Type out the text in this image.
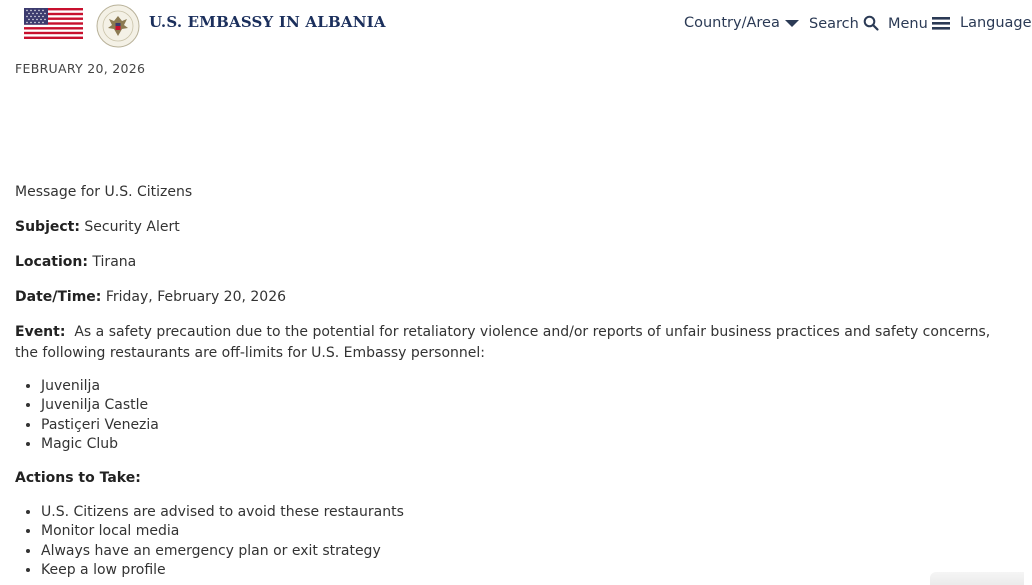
U.S. EMBASSY IN ALBANIA	Country/Area	Search	Menu	Language
FEBRUARY 20, 2026

Message for U.S. Citizens

Subject: Security Alert

Location: Tirana

Date/Time: Friday, February 20, 2026

Event: As a safety precaution due to the potential for retaliatory violence and/or reports of unfair business practices and safety concerns, the following restaurants are off-limits for U.S. Embassy personnel:

• Juvenilja
• Juvenilja Castle
• Pastiçeri Venezia
• Magic Club

Actions to Take:

• U.S. Citizens are advised to avoid these restaurants
• Monitor local media
• Always have an emergency plan or exit strategy
• Keep a low profile
